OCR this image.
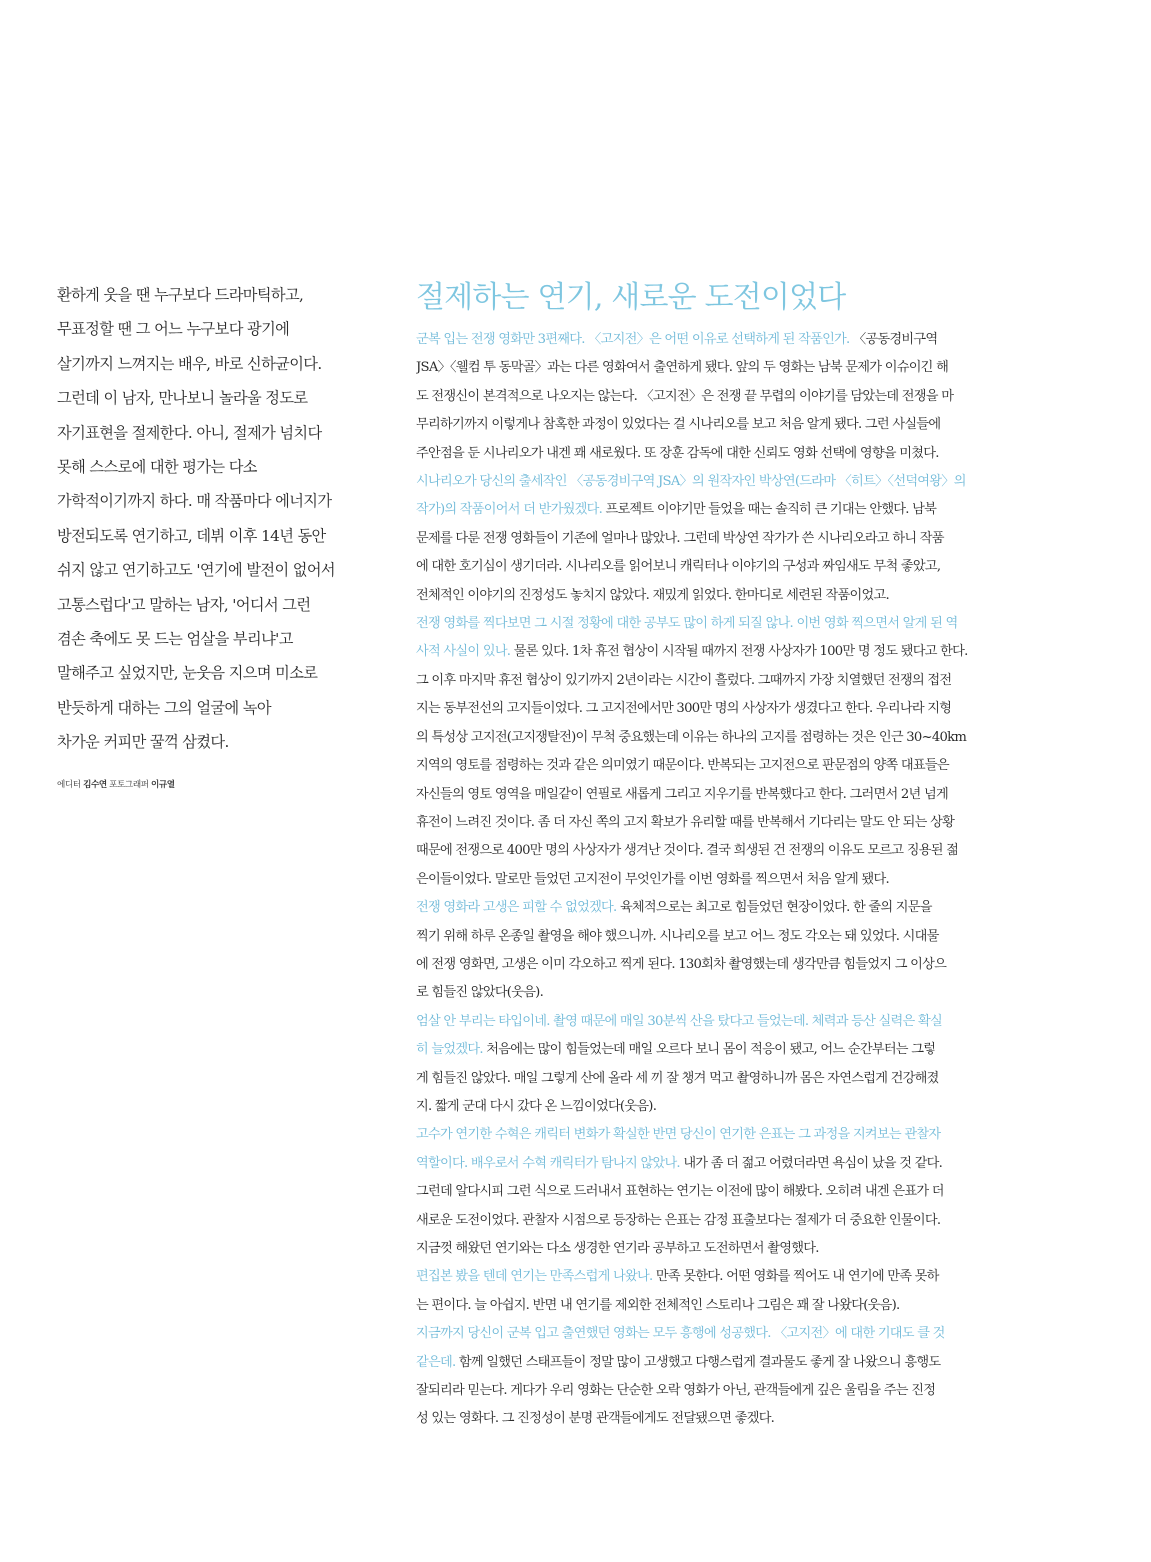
환하게 웃을 땐 누구보다 드라마틱하고,
무표정할 땐 그 어느 누구보다 광기에
살기까지 느껴지는 배우, 바로 신하균이다.
그런데 이 남자, 만나보니 놀라울 정도로
자기표현을 절제한다. 아니, 절제가 넘치다
못해 스스로에 대한 평가는 다소
가학적이기까지 하다. 매 작품마다 에너지가
방전되도록 연기하고, 데뷔 이후 14년 동안
쉬지 않고 연기하고도 '연기에 발전이 없어서
고통스럽다'고 말하는 남자, '어디서 그런
겸손 축에도 못 드는 엄살을 부리냐'고
말해주고 싶었지만, 눈웃음 지으며 미소로
반듯하게 대하는 그의 얼굴에 녹아
차가운 커피만 꿀꺽 삼켰다.
에디터 김수연 포토그래퍼 이규열
절제하는 연기, 새로운 도전이었다
군복 입는 전쟁 영화만 3편째다. 〈고지전〉은 어떤 이유로 선택하게 된 작품인가. 〈공동경비구역
JSA〉〈웰컴 투 동막골〉과는 다른 영화여서 출연하게 됐다. 앞의 두 영화는 남북 문제가 이슈이긴 해
도 전쟁신이 본격적으로 나오지는 않는다. 〈고지전〉은 전쟁 끝 무렵의 이야기를 담았는데 전쟁을 마
무리하기까지 이렇게나 참혹한 과정이 있었다는 걸 시나리오를 보고 처음 알게 됐다. 그런 사실들에
주안점을 둔 시나리오가 내겐 꽤 새로웠다. 또 장훈 감독에 대한 신뢰도 영화 선택에 영향을 미쳤다.
시나리오가 당신의 출세작인 〈공동경비구역 JSA〉의 원작자인 박상연(드라마 〈히트〉〈선덕여왕〉의
작가)의 작품이어서 더 반가웠겠다. 프로젝트 이야기만 들었을 때는 솔직히 큰 기대는 안했다. 남북
문제를 다룬 전쟁 영화들이 기존에 얼마나 많았나. 그런데 박상연 작가가 쓴 시나리오라고 하니 작품
에 대한 호기심이 생기더라. 시나리오를 읽어보니 캐릭터나 이야기의 구성과 짜임새도 무척 좋았고,
전체적인 이야기의 진정성도 놓치지 않았다. 재밌게 읽었다. 한마디로 세련된 작품이었고.
전쟁 영화를 찍다보면 그 시절 정황에 대한 공부도 많이 하게 되질 않나. 이번 영화 찍으면서 알게 된 역
사적 사실이 있나. 물론 있다. 1차 휴전 협상이 시작될 때까지 전쟁 사상자가 100만 명 정도 됐다고 한다.
그 이후 마지막 휴전 협상이 있기까지 2년이라는 시간이 흘렀다. 그때까지 가장 치열했던 전쟁의 접전
지는 동부전선의 고지들이었다. 그 고지전에서만 300만 명의 사상자가 생겼다고 한다. 우리나라 지형
의 특성상 고지전(고지쟁탈전)이 무척 중요했는데 이유는 하나의 고지를 점령하는 것은 인근 30~40km
지역의 영토를 점령하는 것과 같은 의미였기 때문이다. 반복되는 고지전으로 판문점의 양쪽 대표들은
자신들의 영토 영역을 매일같이 연필로 새롭게 그리고 지우기를 반복했다고 한다. 그러면서 2년 넘게
휴전이 느려진 것이다. 좀 더 자신 쪽의 고지 확보가 유리할 때를 반복해서 기다리는 말도 안 되는 상황
때문에 전쟁으로 400만 명의 사상자가 생겨난 것이다. 결국 희생된 건 전쟁의 이유도 모르고 징용된 젊
은이들이었다. 말로만 들었던 고지전이 무엇인가를 이번 영화를 찍으면서 처음 알게 됐다.
전쟁 영화라 고생은 피할 수 없었겠다. 육체적으로는 최고로 힘들었던 현장이었다. 한 줄의 지문을
찍기 위해 하루 온종일 촬영을 해야 했으니까. 시나리오를 보고 어느 정도 각오는 돼 있었다. 시대물
에 전쟁 영화면, 고생은 이미 각오하고 찍게 된다. 130회차 촬영했는데 생각만큼 힘들었지 그 이상으
로 힘들진 않았다(웃음).
엄살 안 부리는 타입이네. 촬영 때문에 매일 30분씩 산을 탔다고 들었는데. 체력과 등산 실력은 확실
히 늘었겠다. 처음에는 많이 힘들었는데 매일 오르다 보니 몸이 적응이 됐고, 어느 순간부터는 그렇
게 힘들진 않았다. 매일 그렇게 산에 올라 세 끼 잘 챙겨 먹고 촬영하니까 몸은 자연스럽게 건강해졌
지. 짧게 군대 다시 갔다 온 느낌이었다(웃음).
고수가 연기한 수혁은 캐릭터 변화가 확실한 반면 당신이 연기한 은표는 그 과정을 지켜보는 관찰자
역할이다. 배우로서 수혁 캐릭터가 탐나지 않았나. 내가 좀 더 젊고 어렸더라면 욕심이 났을 것 같다.
그런데 알다시피 그런 식으로 드러내서 표현하는 연기는 이전에 많이 해봤다. 오히려 내겐 은표가 더
새로운 도전이었다. 관찰자 시점으로 등장하는 은표는 감정 표출보다는 절제가 더 중요한 인물이다.
지금껏 해왔던 연기와는 다소 생경한 연기라 공부하고 도전하면서 촬영했다.
편집본 봤을 텐데 연기는 만족스럽게 나왔나. 만족 못한다. 어떤 영화를 찍어도 내 연기에 만족 못하
는 편이다. 늘 아쉽지. 반면 내 연기를 제외한 전체적인 스토리나 그림은 꽤 잘 나왔다(웃음).
지금까지 당신이 군복 입고 출연했던 영화는 모두 흥행에 성공했다. 〈고지전〉에 대한 기대도 클 것
같은데. 함께 일했던 스태프들이 정말 많이 고생했고 다행스럽게 결과물도 좋게 잘 나왔으니 흥행도
잘되리라 믿는다. 게다가 우리 영화는 단순한 오락 영화가 아닌, 관객들에게 깊은 울림을 주는 진정
성 있는 영화다. 그 진정성이 분명 관객들에게도 전달됐으면 좋겠다.
